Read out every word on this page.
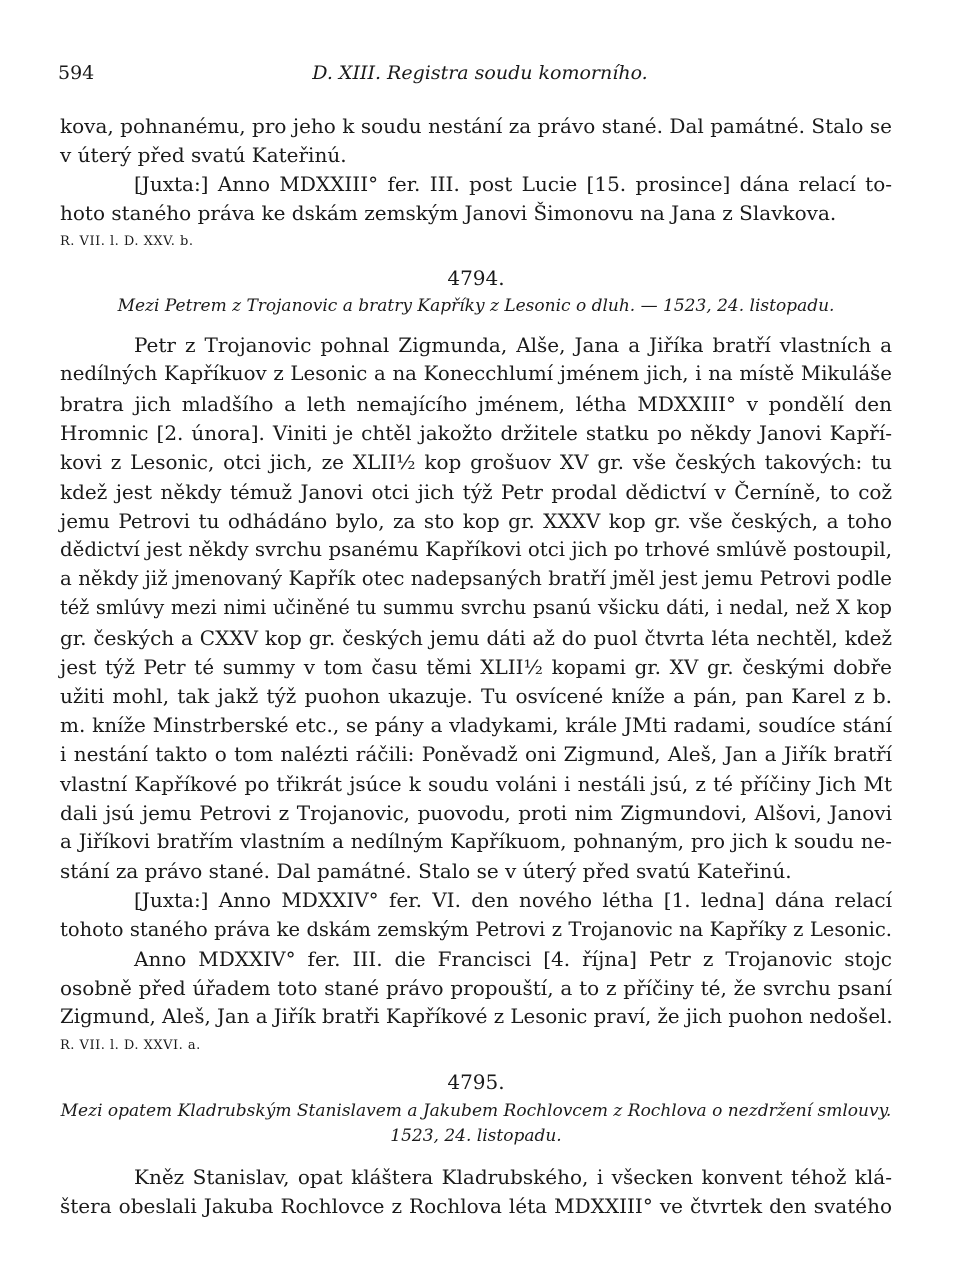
594	D. XIII. Registra soudu komorního.
kova, pohnanému, pro jeho k soudu nestání za právo stané. Dal památné. Stalo se
v úterý před svatú Kateřinú.
[Juxta:] Anno MDXXIII° fer. III. post Lucie [15. prosince] dána relací to-
hoto staného práva ke dskám zemským Janovi Šimonovu na Jana z Slavkova.
R. VII. l. D. XXV. b.
4794.
Mezi Petrem z Trojanovic a bratry Kapříky z Lesonic o dluh. — 1523, 24. listopadu.
Petr z Trojanovic pohnal Zigmunda, Alše, Jana a Jiříka bratří vlastních a
nedílných Kapříkuov z Lesonic a na Konecchlumí jménem jich, i na místě Mikuláše
bratra jich mladšího a leth nemajícího jménem, létha MDXXIII° v pondělí den
Hromnic [2. února]. Viniti je chtěl jakožto držitele statku po někdy Janovi Kapří-
kovi z Lesonic, otci jich, ze XLII½ kop grošuov XV gr. vše českých takových: tu
kdež jest někdy témuž Janovi otci jich týž Petr prodal dědictví v Černíně, to což
jemu Petrovi tu odhádáno bylo, za sto kop gr. XXXV kop gr. vše českých, a toho
dědictví jest někdy svrchu psanému Kapříkovi otci jich po trhové smlúvě postoupil,
a někdy již jmenovaný Kapřík otec nadepsaných bratří jměl jest jemu Petrovi podle
též smlúvy mezi nimi učiněné tu summu svrchu psanú všicku dáti, i nedal, než X kop
gr. českých a CXXV kop gr. českých jemu dáti až do puol čtvrta léta nechtěl, kdež
jest týž Petr té summy v tom času těmi XLII½ kopami gr. XV gr. českými dobře
užiti mohl, tak jakž týž puohon ukazuje. Tu osvícené kníže a pán, pan Karel z b.
m. kníže Minstrberské etc., se pány a vladykami, krále JMti radami, soudíce stání
i nestání takto o tom nalézti ráčili: Poněvadž oni Zigmund, Aleš, Jan a Jiřík bratří
vlastní Kapříkové po třikrát jsúce k soudu voláni i nestáli jsú, z té příčiny Jich Mt
dali jsú jemu Petrovi z Trojanovic, puovodu, proti nim Zigmundovi, Alšovi, Janovi
a Jiříkovi bratřím vlastním a nedílným Kapříkuom, pohnaným, pro jich k soudu ne-
stání za právo stané. Dal památné. Stalo se v úterý před svatú Kateřinú.
[Juxta:] Anno MDXXIV° fer. VI. den nového létha [1. ledna] dána relací
tohoto staného práva ke dskám zemským Petrovi z Trojanovic na Kapříky z Lesonic.
Anno MDXXIV° fer. III. die Francisci [4. října] Petr z Trojanovic stojc
osobně před úřadem toto stané právo propouští, a to z příčiny té, že svrchu psaní
Zigmund, Aleš, Jan a Jiřík bratři Kapříkové z Lesonic praví, že jich puohon nedošel.
R. VII. l. D. XXVI. a.
4795.
Mezi opatem Kladrubským Stanislavem a Jakubem Rochlovcem z Rochlova o nezdržení smlouvy.
1523, 24. listopadu.
Kněz Stanislav, opat kláštera Kladrubského, i všecken konvent téhož klá-
štera obeslali Jakuba Rochlovce z Rochlova léta MDXXIII° ve čtvrtek den svatého
